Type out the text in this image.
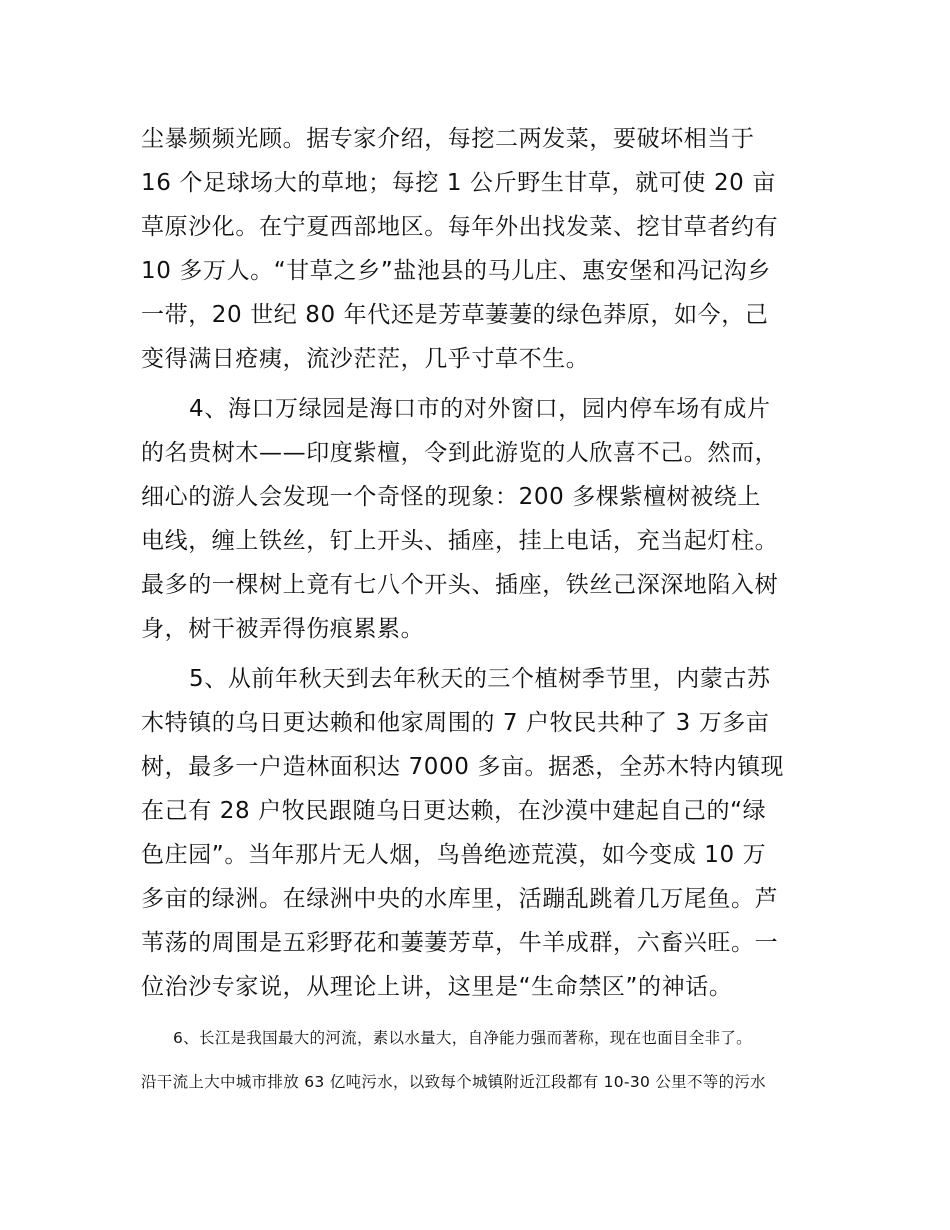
尘暴频频光顾。据专家介绍，每挖二两发菜，要破坏相当于
16 个足球场大的草地；每挖 1 公斤野生甘草，就可使 20 亩
草原沙化。在宁夏西部地区。每年外出找发菜、挖甘草者约有
10 多万人。“甘草之乡”盐池县的马儿庄、惠安堡和冯记沟乡
一带，20 世纪 80 年代还是芳草萋萋的绿色莽原，如今，己
变得满日疮痍，流沙茫茫，几乎寸草不生。
4、海口万绿园是海口市的对外窗口，园内停车场有成片
的名贵树木——印度紫檀，令到此游览的人欣喜不己。然而，
细心的游人会发现一个奇怪的现象：200 多棵紫檀树被绕上
电线，缠上铁丝，钉上开头、插座，挂上电话，充当起灯柱。
最多的一棵树上竟有七八个开头、插座，铁丝己深深地陷入树
身，树干被弄得伤痕累累。
5、从前年秋天到去年秋天的三个植树季节里，内蒙古苏
木特镇的乌日更达赖和他家周围的 7 户牧民共种了 3 万多亩
树，最多一户造林面积达 7000 多亩。据悉，全苏木特内镇现
在己有 28 户牧民跟随乌日更达赖，在沙漠中建起自己的“绿
色庄园”。当年那片无人烟，鸟兽绝迹荒漠，如今变成 10 万
多亩的绿洲。在绿洲中央的水库里，活蹦乱跳着几万尾鱼。芦
苇荡的周围是五彩野花和萋萋芳草，牛羊成群，六畜兴旺。一
位治沙专家说，从理论上讲，这里是“生命禁区”的神话。
6、长江是我国最大的河流，素以水量大，自净能力强而著称，现在也面目全非了。
沿干流上大中城市排放 63 亿吨污水，以致每个城镇附近江段都有 10-30 公里不等的污水
